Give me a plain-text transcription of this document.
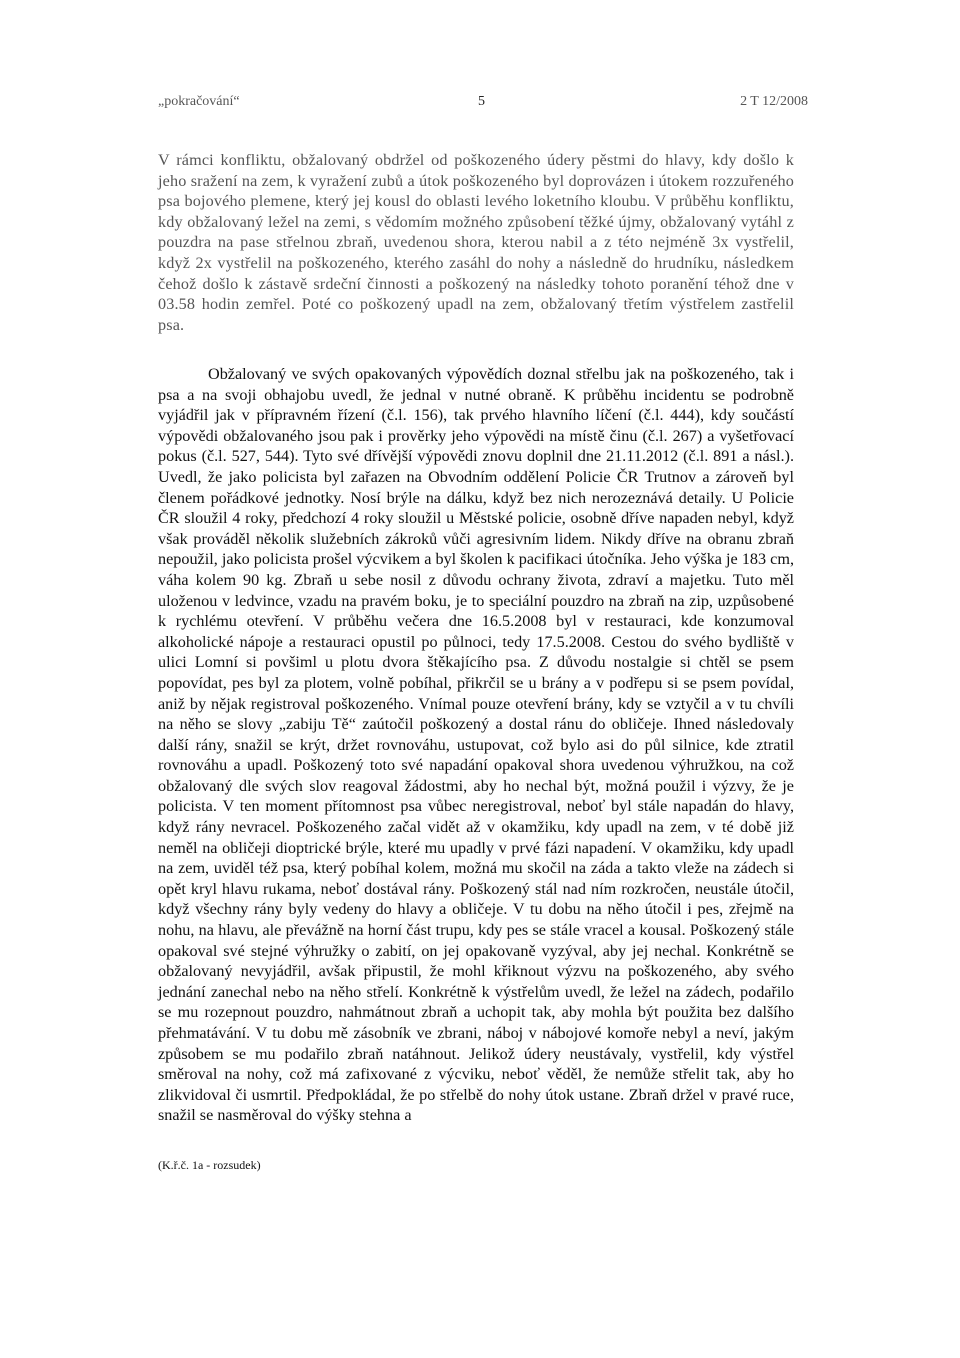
„pokračování“	5	2 T 12/2008

V rámci konfliktu, obžalovaný obdržel od poškozeného údery pěstmi do hlavy, kdy došlo k jeho sražení na zem, k vyražení zubů a útok poškozeného byl doprovázen i útokem rozzuřeného psa bojového plemene, který jej kousl do oblasti levého loketního kloubu. V průběhu konfliktu, kdy obžalovaný ležel na zemi, s vědomím možného způsobení těžké újmy, obžalovaný vytáhl z pouzdra na pase střelnou zbraň, uvedenou shora, kterou nabil a z této nejméně 3x vystřelil, když 2x vystřelil na poškozeného, kterého zasáhl do nohy a následně do hrudníku, následkem čehož došlo k zástavě srdeční činnosti a poškozený na následky tohoto poranění téhož dne v 03.58 hodin zemřel. Poté co poškozený upadl na zem, obžalovaný třetím výstřelem zastřelil psa.

Obžalovaný ve svých opakovaných výpovědích doznal střelbu jak na poškozeného, tak i psa a na svoji obhajobu uvedl, že jednal v nutné obraně. K průběhu incidentu se podrobně vyjádřil jak v přípravném řízení (č.l. 156), tak prvého hlavního líčení (č.l. 444), kdy součástí výpovědi obžalovaného jsou pak i prověrky jeho výpovědi na místě činu (č.l. 267) a vyšetřovací pokus (č.l. 527, 544). Tyto své dřívější výpovědi znovu doplnil dne 21.11.2012 (č.l. 891 a násl.). Uvedl, že jako policista byl zařazen na Obvodním oddělení Policie ČR Trutnov a zároveň byl členem pořádkové jednotky. Nosí brýle na dálku, když bez nich nerozeznává detaily. U Policie ČR sloužil 4 roky, předchozí 4 roky sloužil u Městské policie, osobně dříve napaden nebyl, když však prováděl několik služebních zákroků vůči agresivním lidem. Nikdy dříve na obranu zbraň nepoužil, jako policista prošel výcvikem a byl školen k pacifikaci útočníka. Jeho výška je 183 cm, váha kolem 90 kg. Zbraň u sebe nosil z důvodu ochrany života, zdraví a majetku. Tuto měl uloženou v ledvince, vzadu na pravém boku, je to speciální pouzdro na zbraň na zip, uzpůsobené k rychlému otevření. V průběhu večera dne 16.5.2008 byl v restauraci, kde konzumoval alkoholické nápoje a restauraci opustil po půlnoci, tedy 17.5.2008. Cestou do svého bydliště v ulici Lomní si povšiml u plotu dvora štěkajícího psa. Z důvodu nostalgie si chtěl se psem popovídat, pes byl za plotem, volně pobíhal, přikrčil se u brány a v podřepu si se psem povídal, aniž by nějak registroval poškozeného. Vnímal pouze otevření brány, kdy se vztyčil a v tu chvíli na něho se slovy „zabiju Tě“ zaútočil poškozený a dostal ránu do obličeje. Ihned následovaly další rány, snažil se krýt, držet rovnováhu, ustupovat, což bylo asi do půl silnice, kde ztratil rovnováhu a upadl. Poškozený toto své napadání opakoval shora uvedenou výhružkou, na což obžalovaný dle svých slov reagoval žádostmi, aby ho nechal být, možná použil i výzvy, že je policista. V ten moment přítomnost psa vůbec neregistroval, neboť byl stále napadán do hlavy, když rány nevracel. Poškozeného začal vidět až v okamžiku, kdy upadl na zem, v té době již neměl na obličeji dioptrické brýle, které mu upadly v prvé fázi napadení. V okamžiku, kdy upadl na zem, uviděl též psa, který pobíhal kolem, možná mu skočil na záda a takto vleže na zádech si opět kryl hlavu rukama, neboť dostával rány. Poškozený stál nad ním rozkročen, neustále útočil, když všechny rány byly vedeny do hlavy a obličeje. V tu dobu na něho útočil i pes, zřejmě na nohu, na hlavu, ale převážně na horní část trupu, kdy pes se stále vracel a kousal. Poškozený stále opakoval své stejné výhružky o zabití, on jej opakovaně vyzýval, aby jej nechal. Konkrétně se obžalovaný nevyjádřil, avšak připustil, že mohl křiknout výzvu na poškozeného, aby svého jednání zanechal nebo na něho střelí. Konkrétně k výstřelům uvedl, že ležel na zádech, podařilo se mu rozepnout pouzdro, nahmátnout zbraň a uchopit tak, aby mohla být použita bez dalšího přehmatávání. V tu dobu mě zásobník ve zbrani, náboj v nábojové komoře nebyl a neví, jakým způsobem se mu podařilo zbraň natáhnout. Jelikož údery neustávaly, vystřelil, kdy výstřel směroval na nohy, což má zafixované z výcviku, neboť věděl, že nemůže střelit tak, aby ho zlikvidoval či usmrtil. Předpokládal, že po střelbě do nohy útok ustane. Zbraň držel v pravé ruce, snažil se nasměroval do výšky stehna a

(K.ř.č. 1a - rozsudek)
